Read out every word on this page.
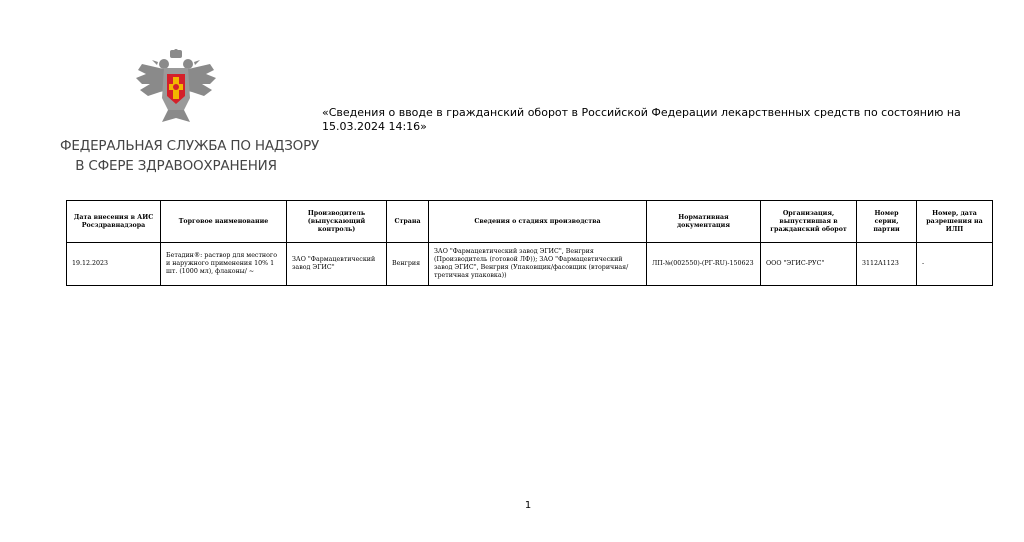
ФЕДЕРАЛЬНАЯ СЛУЖБА ПО НАДЗОРУ
В СФЕРЕ ЗДРАВООХРАНЕНИЯ
«Сведения о вводе в гражданский оборот в Российской Федерации лекарственных средств по состоянию на 15.03.2024 14:16»
Дата внесения в АИС Росздравнадзора	Торговое наименование	Производитель (выпускающий контроль)	Страна	Сведения о стадиях производства	Нормативная документация	Организация, выпустившая в гражданский оборот	Номер серии, партии	Номер, дата разрешения на ИЛП
19.12.2023	Бетадин®: раствор для местного и наружного применения 10% 1 шт. (1000 мл), флаконы/ ~	ЗАО "Фармацевтический завод ЭГИС"	Венгрия	ЗАО "Фармацевтический завод ЭГИС", Венгрия (Производитель (готовой ЛФ)); ЗАО "Фармацевтический завод ЭГИС", Венгрия (Упаковщик/фасовщик (вторичная/третичная упаковка))	ЛП-№(002550)-(РГ-RU)-150623	ООО "ЭГИС-РУС"	3112А1123	-
1
